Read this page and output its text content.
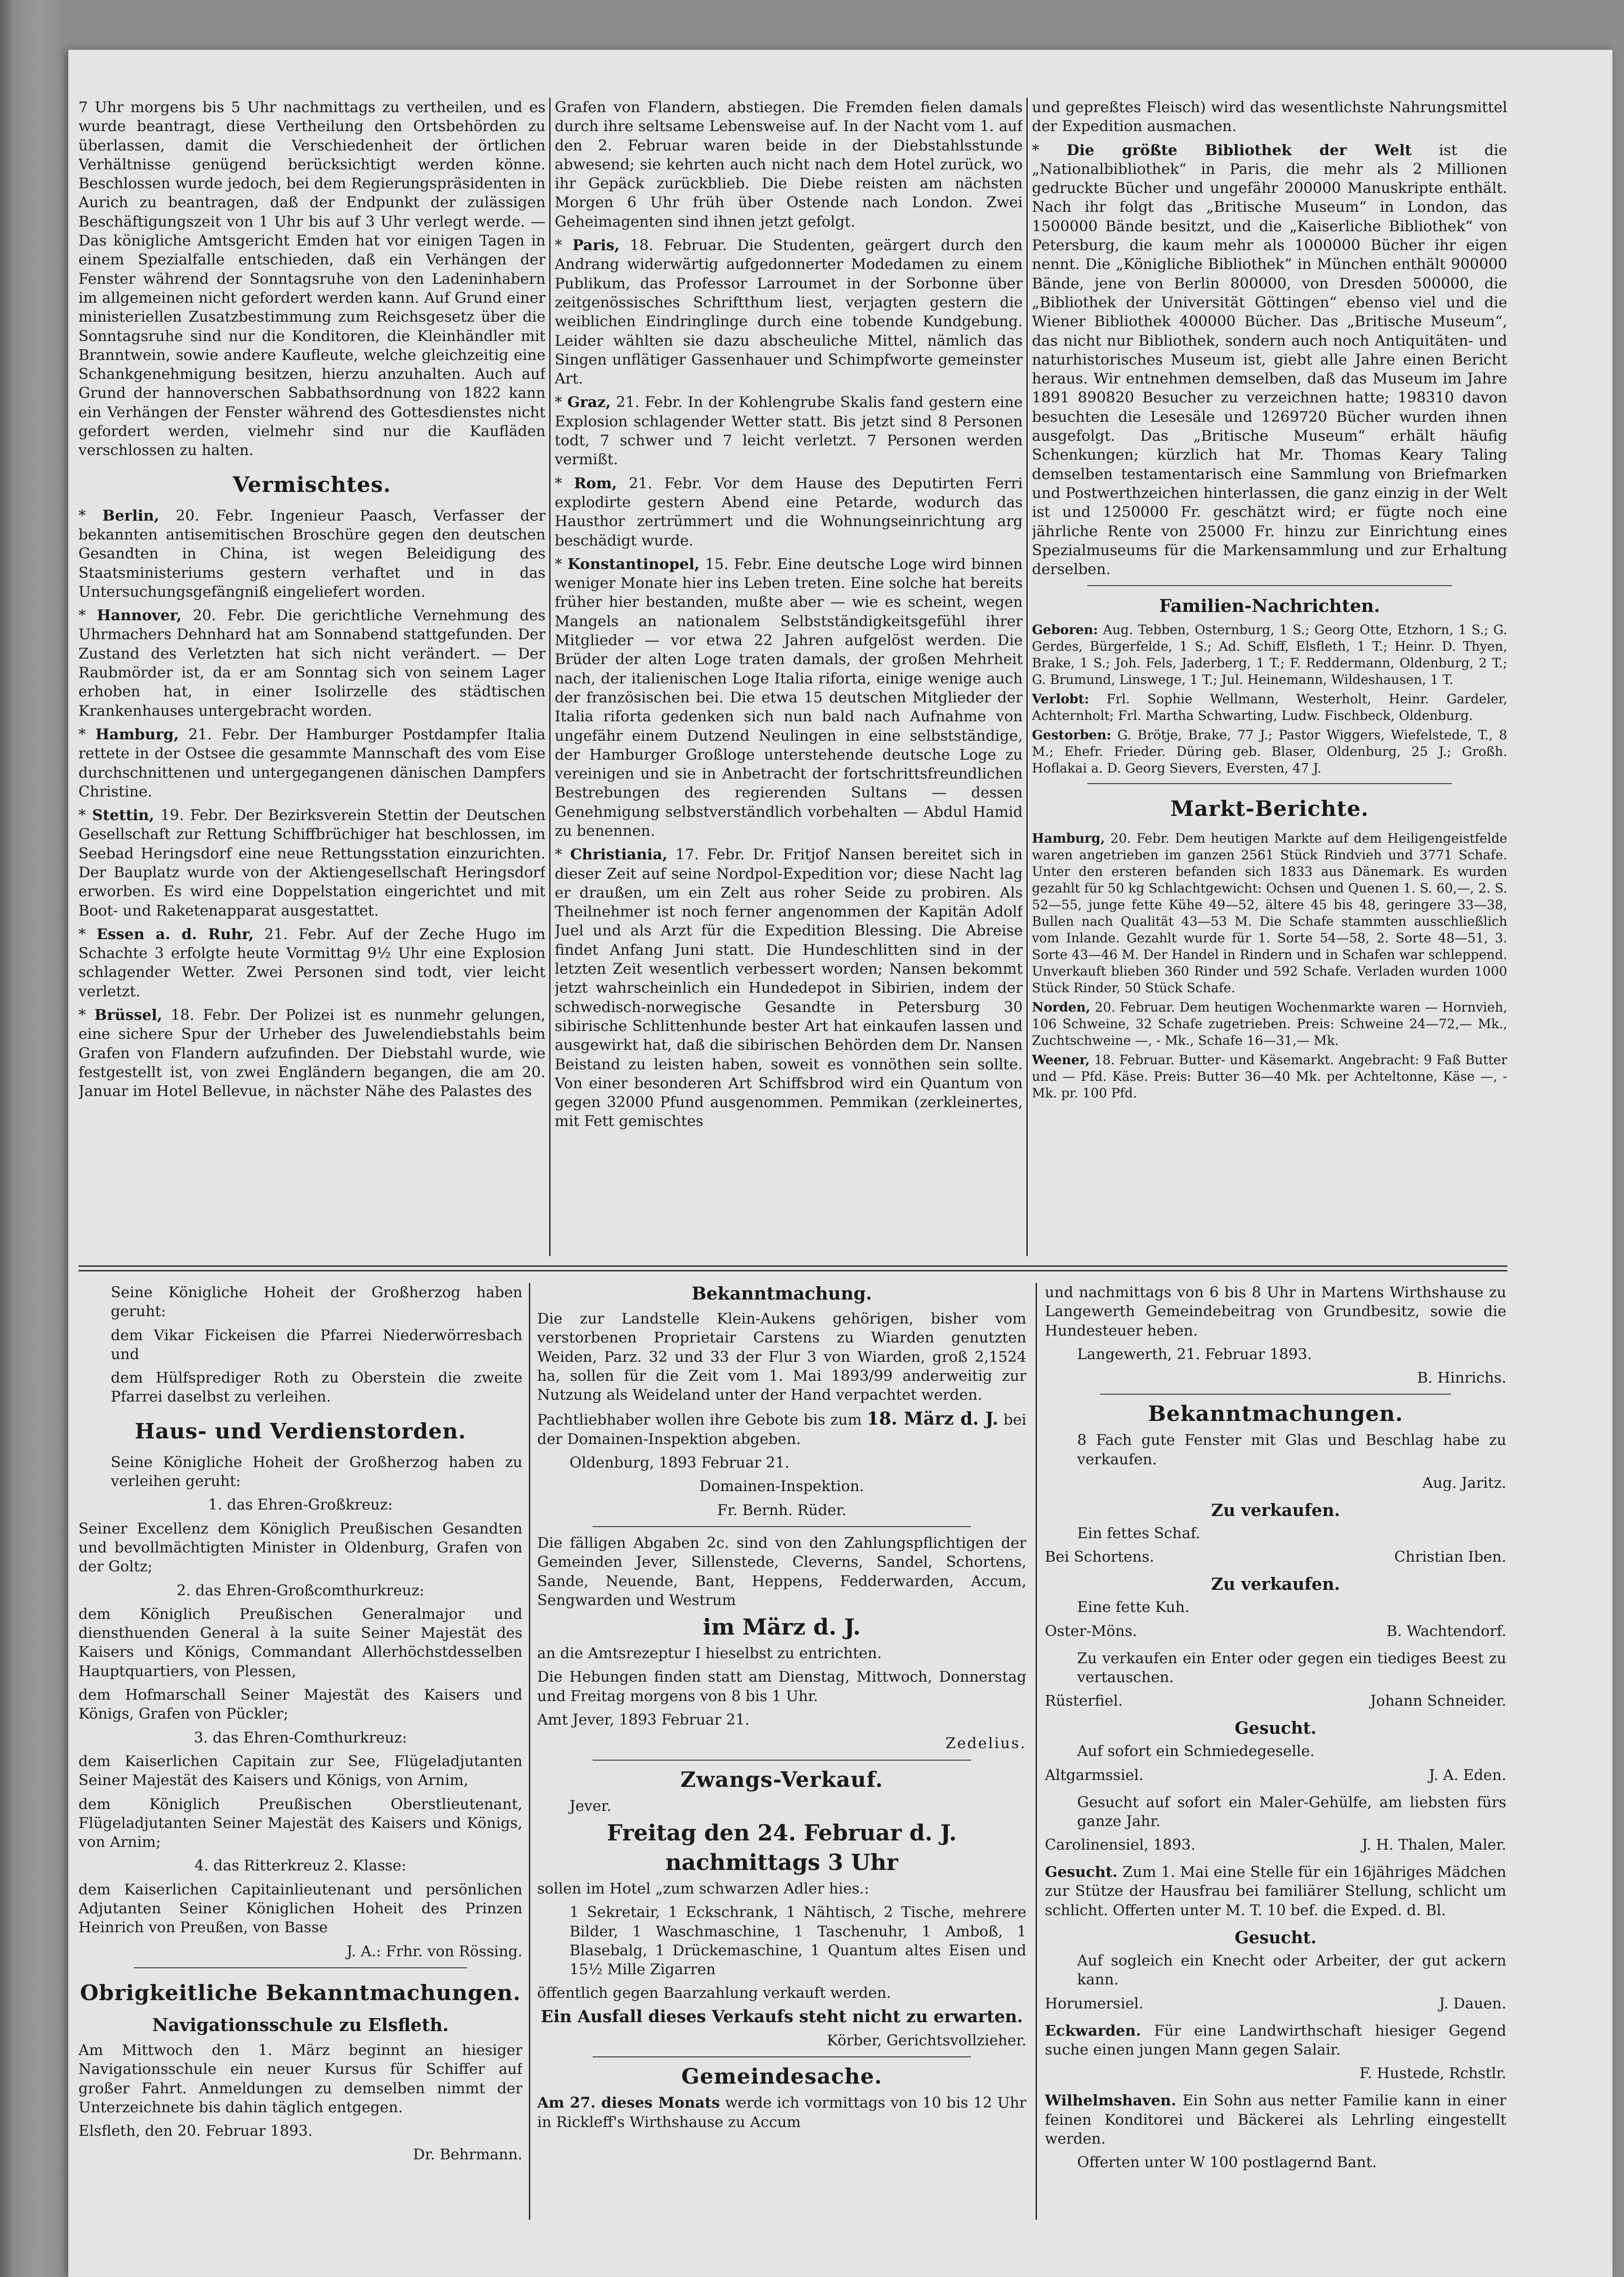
7 Uhr morgens bis 5 Uhr nachmittags zu vertheilen, und es wurde beantragt, diese Vertheilung den Ortsbehörden zu überlassen, damit die Verschiedenheit der örtlichen Verhältnisse genügend berücksichtigt werden könne. Beschlossen wurde jedoch, bei dem Regierungspräsidenten in Aurich zu beantragen, daß der Endpunkt der zulässigen Beschäftigungszeit von 1 Uhr bis auf 3 Uhr verlegt werde. — Das königliche Amtsgericht Emden hat vor einigen Tagen in einem Spezialfalle entschieden, daß ein Verhängen der Fenster während der Sonntagsruhe von den Ladeninhabern im allgemeinen nicht gefordert werden kann. Auf Grund einer ministeriellen Zusatzbestimmung zum Reichsgesetz über die Sonntagsruhe sind nur die Konditoren, die Kleinhändler mit Branntwein, sowie andere Kaufleute, welche gleichzeitig eine Schankgenehmigung besitzen, hierzu anzuhalten. Auch auf Grund der hannoverschen Sabbathsordnung von 1822 kann ein Verhängen der Fenster während des Gottesdienstes nicht gefordert werden, vielmehr sind nur die Kaufläden verschlossen zu halten.

Vermischtes.

* Berlin, 20. Febr. Ingenieur Paasch, Verfasser der bekannten antisemitischen Broschüre gegen den deutschen Gesandten in China, ist wegen Beleidigung des Staatsministeriums gestern verhaftet und in das Untersuchungsgefängniß eingeliefert worden.

* Hannover, 20. Febr. Die gerichtliche Vernehmung des Uhrmachers Dehnhard hat am Sonnabend stattgefunden. Der Zustand des Verletzten hat sich nicht verändert. — Der Raubmörder ist, da er am Sonntag sich von seinem Lager erhoben hat, in einer Isolirzelle des städtischen Krankenhauses untergebracht worden.

* Hamburg, 21. Febr. Der Hamburger Postdampfer Italia rettete in der Ostsee die gesammte Mannschaft des vom Eise durchschnittenen und untergegangenen dänischen Dampfers Christine.

* Stettin, 19. Febr. Der Bezirksverein Stettin der Deutschen Gesellschaft zur Rettung Schiffbrüchiger hat beschlossen, im Seebad Heringsdorf eine neue Rettungsstation einzurichten. Der Bauplatz wurde von der Aktiengesellschaft Heringsdorf erworben. Es wird eine Doppelstation eingerichtet und mit Boot- und Raketenapparat ausgestattet.

* Essen a. d. Ruhr, 21. Febr. Auf der Zeche Hugo im Schachte 3 erfolgte heute Vormittag 9½ Uhr eine Explosion schlagender Wetter. Zwei Personen sind todt, vier leicht verletzt.

* Brüssel, 18. Febr. Der Polizei ist es nunmehr gelungen, eine sichere Spur der Urheber des Juwelendiebstahls beim Grafen von Flandern aufzufinden. Der Diebstahl wurde, wie festgestellt ist, von zwei Engländern begangen, die am 20. Januar im Hotel Bellevue, in nächster Nähe des Palastes des

Grafen von Flandern, abstiegen. Die Fremden fielen damals durch ihre seltsame Lebensweise auf. In der Nacht vom 1. auf den 2. Februar waren beide in der Diebstahlsstunde abwesend; sie kehrten auch nicht nach dem Hotel zurück, wo ihr Gepäck zurückblieb. Die Diebe reisten am nächsten Morgen 6 Uhr früh über Ostende nach London. Zwei Geheimagenten sind ihnen jetzt gefolgt.

* Paris, 18. Februar. Die Studenten, geärgert durch den Andrang widerwärtig aufgedonnerter Modedamen zu einem Publikum, das Professor Larroumet in der Sorbonne über zeitgenössisches Schriftthum liest, verjagten gestern die weiblichen Eindringlinge durch eine tobende Kundgebung. Leider wählten sie dazu abscheuliche Mittel, nämlich das Singen unflätiger Gassenhauer und Schimpfworte gemeinster Art.

* Graz, 21. Febr. In der Kohlengrube Skalis fand gestern eine Explosion schlagender Wetter statt. Bis jetzt sind 8 Personen todt, 7 schwer und 7 leicht verletzt. 7 Personen werden vermißt.

* Rom, 21. Febr. Vor dem Hause des Deputirten Ferri explodirte gestern Abend eine Petarde, wodurch das Hausthor zertrümmert und die Wohnungseinrichtung arg beschädigt wurde.

* Konstantinopel, 15. Febr. Eine deutsche Loge wird binnen weniger Monate hier ins Leben treten. Eine solche hat bereits früher hier bestanden, mußte aber — wie es scheint, wegen Mangels an nationalem Selbstständigkeitsgefühl ihrer Mitglieder — vor etwa 22 Jahren aufgelöst werden. Die Brüder der alten Loge traten damals, der großen Mehrheit nach, der italienischen Loge Italia riforta, einige wenige auch der französischen bei. Die etwa 15 deutschen Mitglieder der Italia riforta gedenken sich nun bald nach Aufnahme von ungefähr einem Dutzend Neulingen in eine selbstständige, der Hamburger Großloge unterstehende deutsche Loge zu vereinigen und sie in Anbetracht der fortschrittsfreundlichen Bestrebungen des regierenden Sultans — dessen Genehmigung selbstverständlich vorbehalten — Abdul Hamid zu benennen.

* Christiania, 17. Febr. Dr. Fritjof Nansen bereitet sich in dieser Zeit auf seine Nordpol-Expedition vor; diese Nacht lag er draußen, um ein Zelt aus roher Seide zu probiren. Als Theilnehmer ist noch ferner angenommen der Kapitän Adolf Juel und als Arzt für die Expedition Blessing. Die Abreise findet Anfang Juni statt. Die Hundeschlitten sind in der letzten Zeit wesentlich verbessert worden; Nansen bekommt jetzt wahrscheinlich ein Hundedepot in Sibirien, indem der schwedisch-norwegische Gesandte in Petersburg 30 sibirische Schlittenhunde bester Art hat einkaufen lassen und ausgewirkt hat, daß die sibirischen Behörden dem Dr. Nansen Beistand zu leisten haben, soweit es vonnöthen sein sollte. Von einer besonderen Art Schiffsbrod wird ein Quantum von gegen 32000 Pfund ausgenommen. Pemmikan (zerkleinertes, mit Fett gemischtes

und gepreßtes Fleisch) wird das wesentlichste Nahrungsmittel der Expedition ausmachen.

* Die größte Bibliothek der Welt ist die „Nationalbibliothek“ in Paris, die mehr als 2 Millionen gedruckte Bücher und ungefähr 200000 Manuskripte enthält. Nach ihr folgt das „Britische Museum“ in London, das 1500000 Bände besitzt, und die „Kaiserliche Bibliothek“ von Petersburg, die kaum mehr als 1000000 Bücher ihr eigen nennt. Die „Königliche Bibliothek“ in München enthält 900000 Bände, jene von Berlin 800000, von Dresden 500000, die „Bibliothek der Universität Göttingen“ ebenso viel und die Wiener Bibliothek 400000 Bücher. Das „Britische Museum“, das nicht nur Bibliothek, sondern auch noch Antiquitäten- und naturhistorisches Museum ist, giebt alle Jahre einen Bericht heraus. Wir entnehmen demselben, daß das Museum im Jahre 1891 890820 Besucher zu verzeichnen hatte; 198310 davon besuchten die Lesesäle und 1269720 Bücher wurden ihnen ausgefolgt. Das „Britische Museum“ erhält häufig Schenkungen; kürzlich hat Mr. Thomas Keary Taling demselben testamentarisch eine Sammlung von Briefmarken und Postwerthzeichen hinterlassen, die ganz einzig in der Welt ist und 1250000 Fr. geschätzt wird; er fügte noch eine jährliche Rente von 25000 Fr. hinzu zur Einrichtung eines Spezialmuseums für die Markensammlung und zur Erhaltung derselben.

Familien-Nachrichten.

Geboren: Aug. Tebben, Osternburg, 1 S.; Georg Otte, Etzhorn, 1 S.; G. Gerdes, Bürgerfelde, 1 S.; Ad. Schiff, Elsfleth, 1 T.; Heinr. D. Thyen, Brake, 1 S.; Joh. Fels, Jaderberg, 1 T.; F. Reddermann, Oldenburg, 2 T.; G. Brumund, Linswege, 1 T.; Jul. Heinemann, Wildeshausen, 1 T.

Verlobt: Frl. Sophie Wellmann, Westerholt, Heinr. Gardeler, Achternholt; Frl. Martha Schwarting, Ludw. Fischbeck, Oldenburg.

Gestorben: G. Brötje, Brake, 77 J.; Pastor Wiggers, Wiefelstede, T., 8 M.; Ehefr. Frieder. Düring geb. Blaser, Oldenburg, 25 J.; Großh. Hoflakai a. D. Georg Sievers, Eversten, 47 J.

Markt-Berichte.

Hamburg, 20. Febr. Dem heutigen Markte auf dem Heiligengeistfelde waren angetrieben im ganzen 2561 Stück Rindvieh und 3771 Schafe. Unter den ersteren befanden sich 1833 aus Dänemark. Es wurden gezahlt für 50 kg Schlachtgewicht: Ochsen und Quenen 1. S. 60,—, 2. S. 52—55, junge fette Kühe 49—52, ältere 45 bis 48, geringere 33—38, Bullen nach Qualität 43—53 M. Die Schafe stammten ausschließlich vom Inlande. Gezahlt wurde für 1. Sorte 54—58, 2. Sorte 48—51, 3. Sorte 43—46 M. Der Handel in Rindern und in Schafen war schleppend. Unverkauft blieben 360 Rinder und 592 Schafe. Verladen wurden 1000 Stück Rinder, 50 Stück Schafe.

Norden, 20. Februar. Dem heutigen Wochenmarkte waren — Hornvieh, 106 Schweine, 32 Schafe zugetrieben. Preis: Schweine 24—72,— Mk., Zuchtschweine —, - Mk., Schafe 16—31,— Mk.

Weener, 18. Februar. Butter- und Käsemarkt. Angebracht: 9 Faß Butter und — Pfd. Käse. Preis: Butter 36—40 Mk. per Achteltonne, Käse —, - Mk. pr. 100 Pfd.

Seine Königliche Hoheit der Großherzog haben geruht:

dem Vikar Fickeisen die Pfarrei Niederwörresbach und

dem Hülfsprediger Roth zu Oberstein die zweite Pfarrei daselbst zu verleihen.

Haus- und Verdienstorden.

Seine Königliche Hoheit der Großherzog haben zu verleihen geruht:

1. das Ehren-Großkreuz:

Seiner Excellenz dem Königlich Preußischen Gesandten und bevollmächtigten Minister in Oldenburg, Grafen von der Goltz;

2. das Ehren-Großcomthurkreuz:

dem Königlich Preußischen Generalmajor und diensthuenden General à la suite Seiner Majestät des Kaisers und Königs, Commandant Allerhöchstdesselben Hauptquartiers, von Plessen,

dem Hofmarschall Seiner Majestät des Kaisers und Königs, Grafen von Pückler;

3. das Ehren-Comthurkreuz:

dem Kaiserlichen Capitain zur See, Flügeladjutanten Seiner Majestät des Kaisers und Königs, von Arnim,

dem Königlich Preußischen Oberstlieutenant, Flügeladjutanten Seiner Majestät des Kaisers und Königs, von Arnim;

4. das Ritterkreuz 2. Klasse:

dem Kaiserlichen Capitainlieutenant und persönlichen Adjutanten Seiner Königlichen Hoheit des Prinzen Heinrich von Preußen, von Basse

J. A.: Frhr. von Rössing.

Obrigkeitliche Bekanntmachungen.
Navigationsschule zu Elsfleth.

Am Mittwoch den 1. März beginnt an hiesiger Navigationsschule ein neuer Kursus für Schiffer auf großer Fahrt. Anmeldungen zu demselben nimmt der Unterzeichnete bis dahin täglich entgegen.

Elsfleth, den 20. Februar 1893.

Dr. Behrmann.

Bekanntmachung.

Die zur Landstelle Klein-Aukens gehörigen, bisher vom verstorbenen Proprietair Carstens zu Wiarden genutzten Weiden, Parz. 32 und 33 der Flur 3 von Wiarden, groß 2,1524 ha, sollen für die Zeit vom 1. Mai 1893/99 anderweitig zur Nutzung als Weideland unter der Hand verpachtet werden.

Pachtliebhaber wollen ihre Gebote bis zum 18. März d. J. bei der Domainen-Inspektion abgeben.

Oldenburg, 1893 Februar 21.

Domainen-Inspektion.

Fr. Bernh. Rüder.

Die fälligen Abgaben 2c. sind von den Zahlungspflichtigen der Gemeinden Jever, Sillenstede, Cleverns, Sandel, Schortens, Sande, Neuende, Bant, Heppens, Fedderwarden, Accum, Sengwarden und Westrum

im März d. J.

an die Amtsrezeptur I hieselbst zu entrichten.

Die Hebungen finden statt am Dienstag, Mittwoch, Donnerstag und Freitag morgens von 8 bis 1 Uhr.

Amt Jever, 1893 Februar 21.

Zedelius.

Zwangs-Verkauf.

Jever.

Freitag den 24. Februar d. J.
nachmittags 3 Uhr

sollen im Hotel „zum schwarzen Adler hies.:

1 Sekretair, 1 Eckschrank, 1 Nähtisch, 2 Tische, mehrere Bilder, 1 Waschmaschine, 1 Taschenuhr, 1 Amboß, 1 Blasebalg, 1 Drückemaschine, 1 Quantum altes Eisen und 15½ Mille Zigarren

öffentlich gegen Baarzahlung verkauft werden.

Ein Ausfall dieses Verkaufs steht nicht zu erwarten.

Körber, Gerichtsvollzieher.

Gemeindesache.

Am 27. dieses Monats werde ich vormittags von 10 bis 12 Uhr in Rickleff's Wirthshause zu Accum

und nachmittags von 6 bis 8 Uhr in Martens Wirthshause zu Langewerth Gemeindebeitrag von Grundbesitz, sowie die Hundesteuer heben.

Langewerth, 21. Februar 1893.

B. Hinrichs.

Bekanntmachungen.

8 Fach gute Fenster mit Glas und Beschlag habe zu verkaufen.

Aug. Jaritz.
Zu verkaufen.

Ein fettes Schaf.

Bei Schortens.	Christian Iben.
Zu verkaufen.

Eine fette Kuh.

Oster-Möns.	B. Wachtendorf.

Zu verkaufen ein Enter oder gegen ein tiediges Beest zu vertauschen.

Rüsterfiel.	Johann Schneider.
Gesucht.

Auf sofort ein Schmiedegeselle.

Altgarmssiel.	J. A. Eden.

Gesucht auf sofort ein Maler-Gehülfe, am liebsten fürs ganze Jahr.

Carolinensiel, 1893.	J. H. Thalen, Maler.

Gesucht. Zum 1. Mai eine Stelle für ein 16jähriges Mädchen zur Stütze der Hausfrau bei familiärer Stellung, schlicht um schlicht. Offerten unter M. T. 10 bef. die Exped. d. Bl.

Gesucht.

Auf sogleich ein Knecht oder Arbeiter, der gut ackern kann.

Horumersiel.	J. Dauen.

Eckwarden. Für eine Landwirthschaft hiesiger Gegend suche einen jungen Mann gegen Salair.

F. Hustede, Rchstlr.

Wilhelmshaven. Ein Sohn aus netter Familie kann in einer feinen Konditorei und Bäckerei als Lehrling eingestellt werden.

Offerten unter W 100 postlagernd Bant.
